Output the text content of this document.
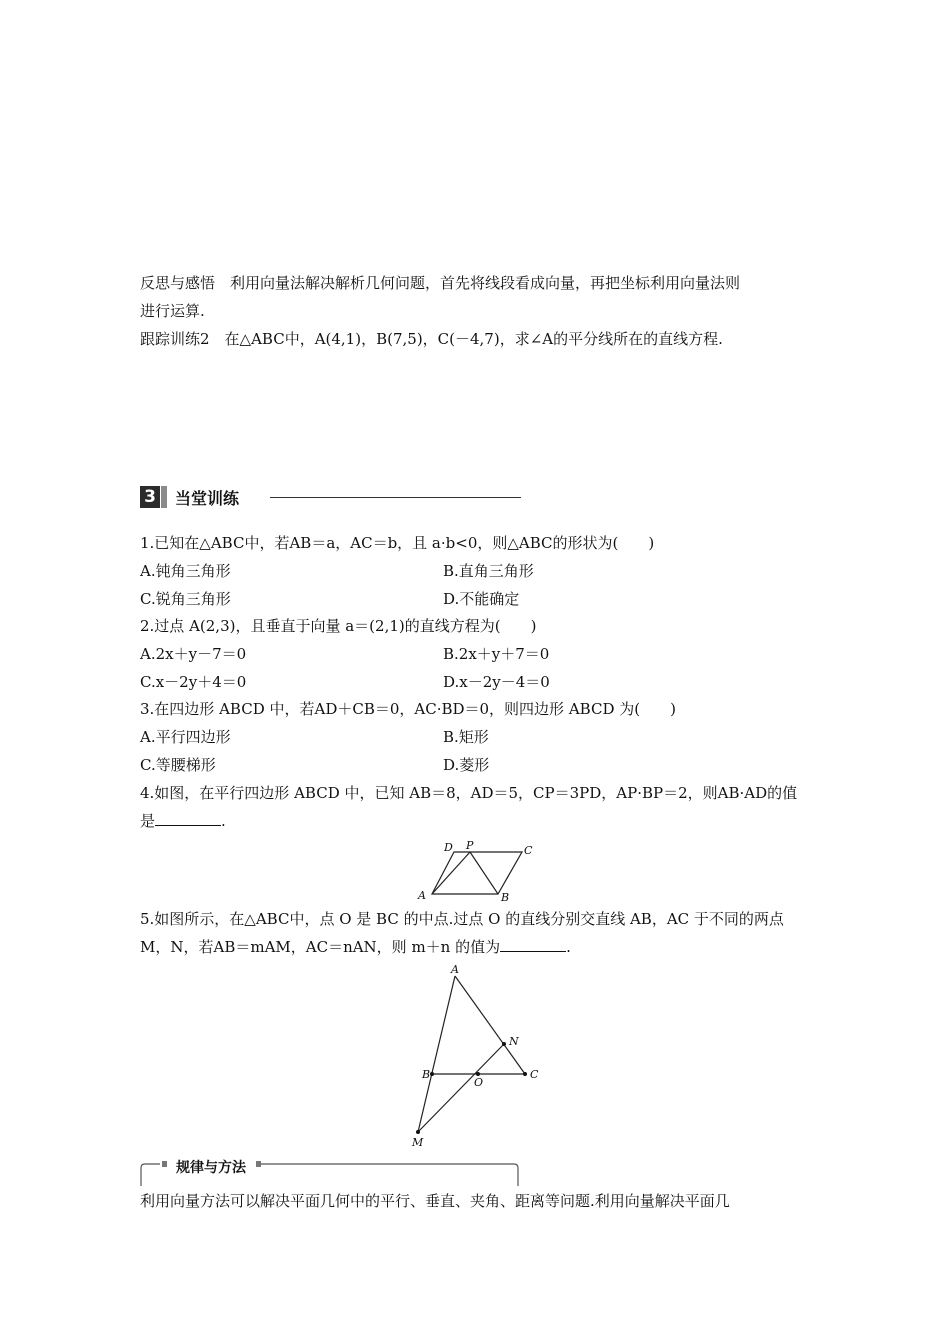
反思与感悟　利用向量法解决解析几何问题，首先将线段看成向量，再把坐标利用向量法则
进行运算.
跟踪训练2　在△ABC中，A(4,1)，B(7,5)，C(－4,7)，求∠A的平分线所在的直线方程.
3 当堂训练
1.已知在△ABC中，若AB＝a，AC＝b，且 a·b<0，则△ABC的形状为(　　)
A.钝角三角形	B.直角三角形
C.锐角三角形	D.不能确定
2.过点 A(2,3)，且垂直于向量 a＝(2,1)的直线方程为(　　)
A.2x＋y－7＝0	B.2x＋y＋7＝0
C.x－2y＋4＝0	D.x－2y－4＝0
3.在四边形 ABCD 中，若AD＋CB＝0，AC·BD＝0，则四边形 ABCD 为(　　)
A.平行四边形	B.矩形
C.等腰梯形	D.菱形
4.如图，在平行四边形 ABCD 中，已知 AB＝8，AD＝5，CP＝3PD，AP·BP＝2，则AB·AD的值
是	.
A	B
C
D P
5.如图所示，在△ABC中，点 O 是 BC 的中点.过点 O 的直线分别交直线 AB，AC 于不同的两点
M，N，若AB＝mAM，AC＝nAN，则 m＋n 的值为	.
A
B	C
N
O
M
规律与方法
利用向量方法可以解决平面几何中的平行、垂直、夹角、距离等问题.利用向量解决平面几
